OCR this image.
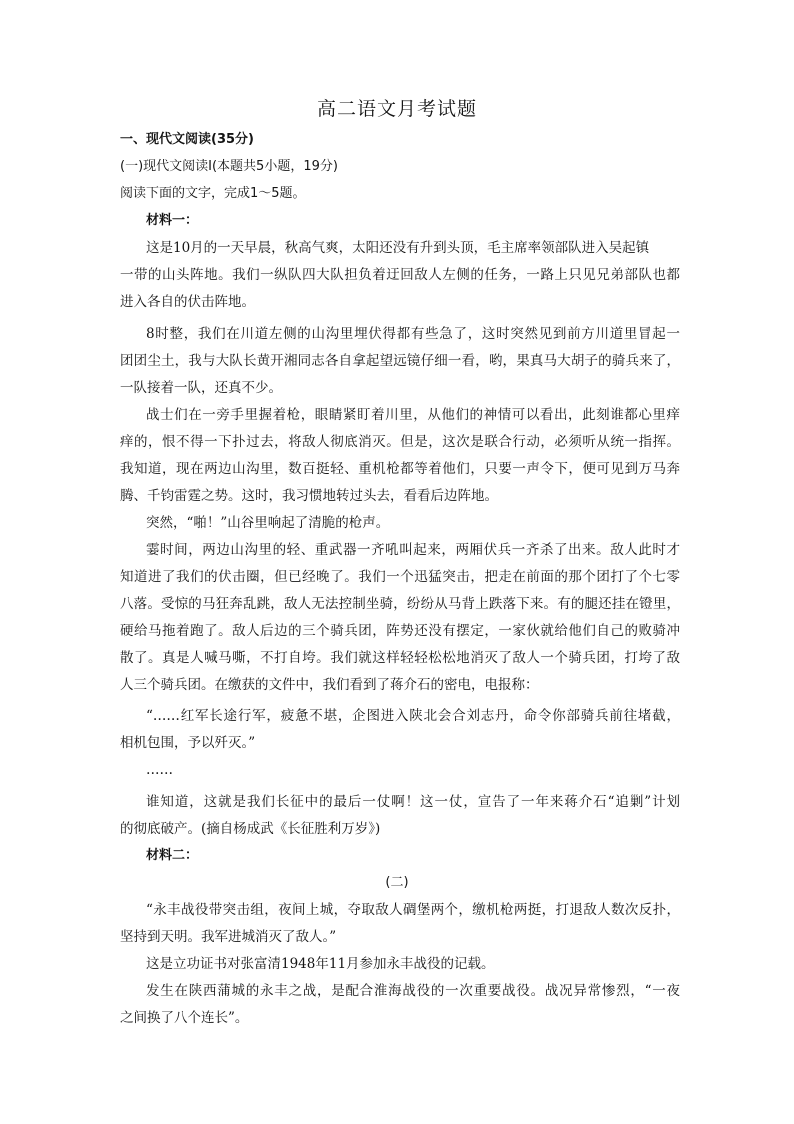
高二语文月考试题
一、现代文阅读(35分)
(一)现代文阅读Ⅰ(本题共5小题，19分)
阅读下面的文字，完成1～5题。
材料一：
这是10月的一天早晨，秋高气爽，太阳还没有升到头顶，毛主席率领部队进入吴起镇
一带的山头阵地。我们一纵队四大队担负着迂回敌人左侧的任务，一路上只见兄弟部队也都
进入各自的伏击阵地。
8时整，我们在川道左侧的山沟里埋伏得都有些急了，这时突然见到前方川道里冒起一
团团尘土，我与大队长黄开湘同志各自拿起望远镜仔细一看，哟，果真马大胡子的骑兵来了，
一队接着一队，还真不少。
战士们在一旁手里握着枪，眼睛紧盯着川里，从他们的神情可以看出，此刻谁都心里痒
痒的，恨不得一下扑过去，将敌人彻底消灭。但是，这次是联合行动，必须听从统一指挥。
我知道，现在两边山沟里，数百挺轻、重机枪都等着他们，只要一声令下，便可见到万马奔
腾、千钧雷霆之势。这时，我习惯地转过头去，看看后边阵地。
突然，“啪！”山谷里响起了清脆的枪声。
霎时间，两边山沟里的轻、重武器一齐吼叫起来，两厢伏兵一齐杀了出来。敌人此时才
知道进了我们的伏击圈，但已经晚了。我们一个迅猛突击，把走在前面的那个团打了个七零
八落。受惊的马狂奔乱跳，敌人无法控制坐骑，纷纷从马背上跌落下来。有的腿还挂在镫里，
硬给马拖着跑了。敌人后边的三个骑兵团，阵势还没有摆定，一家伙就给他们自己的败骑冲
散了。真是人喊马嘶，不打自垮。我们就这样轻轻松松地消灭了敌人一个骑兵团，打垮了敌
人三个骑兵团。在缴获的文件中，我们看到了蒋介石的密电，电报称：
“……红军长途行军，疲惫不堪，企图进入陕北会合刘志丹，命令你部骑兵前往堵截，
相机包围，予以歼灭。”
……
谁知道，这就是我们长征中的最后一仗啊！这一仗，宣告了一年来蒋介石“追剿”计划
的彻底破产。(摘自杨成武《长征胜利万岁》)
材料二：
(二)
“永丰战役带突击组，夜间上城，夺取敌人碉堡两个，缴机枪两挺，打退敌人数次反扑，
坚持到天明。我军进城消灭了敌人。”
这是立功证书对张富清1948年11月参加永丰战役的记载。
发生在陕西蒲城的永丰之战，是配合淮海战役的一次重要战役。战况异常惨烈，“一夜
之间换了八个连长”。
